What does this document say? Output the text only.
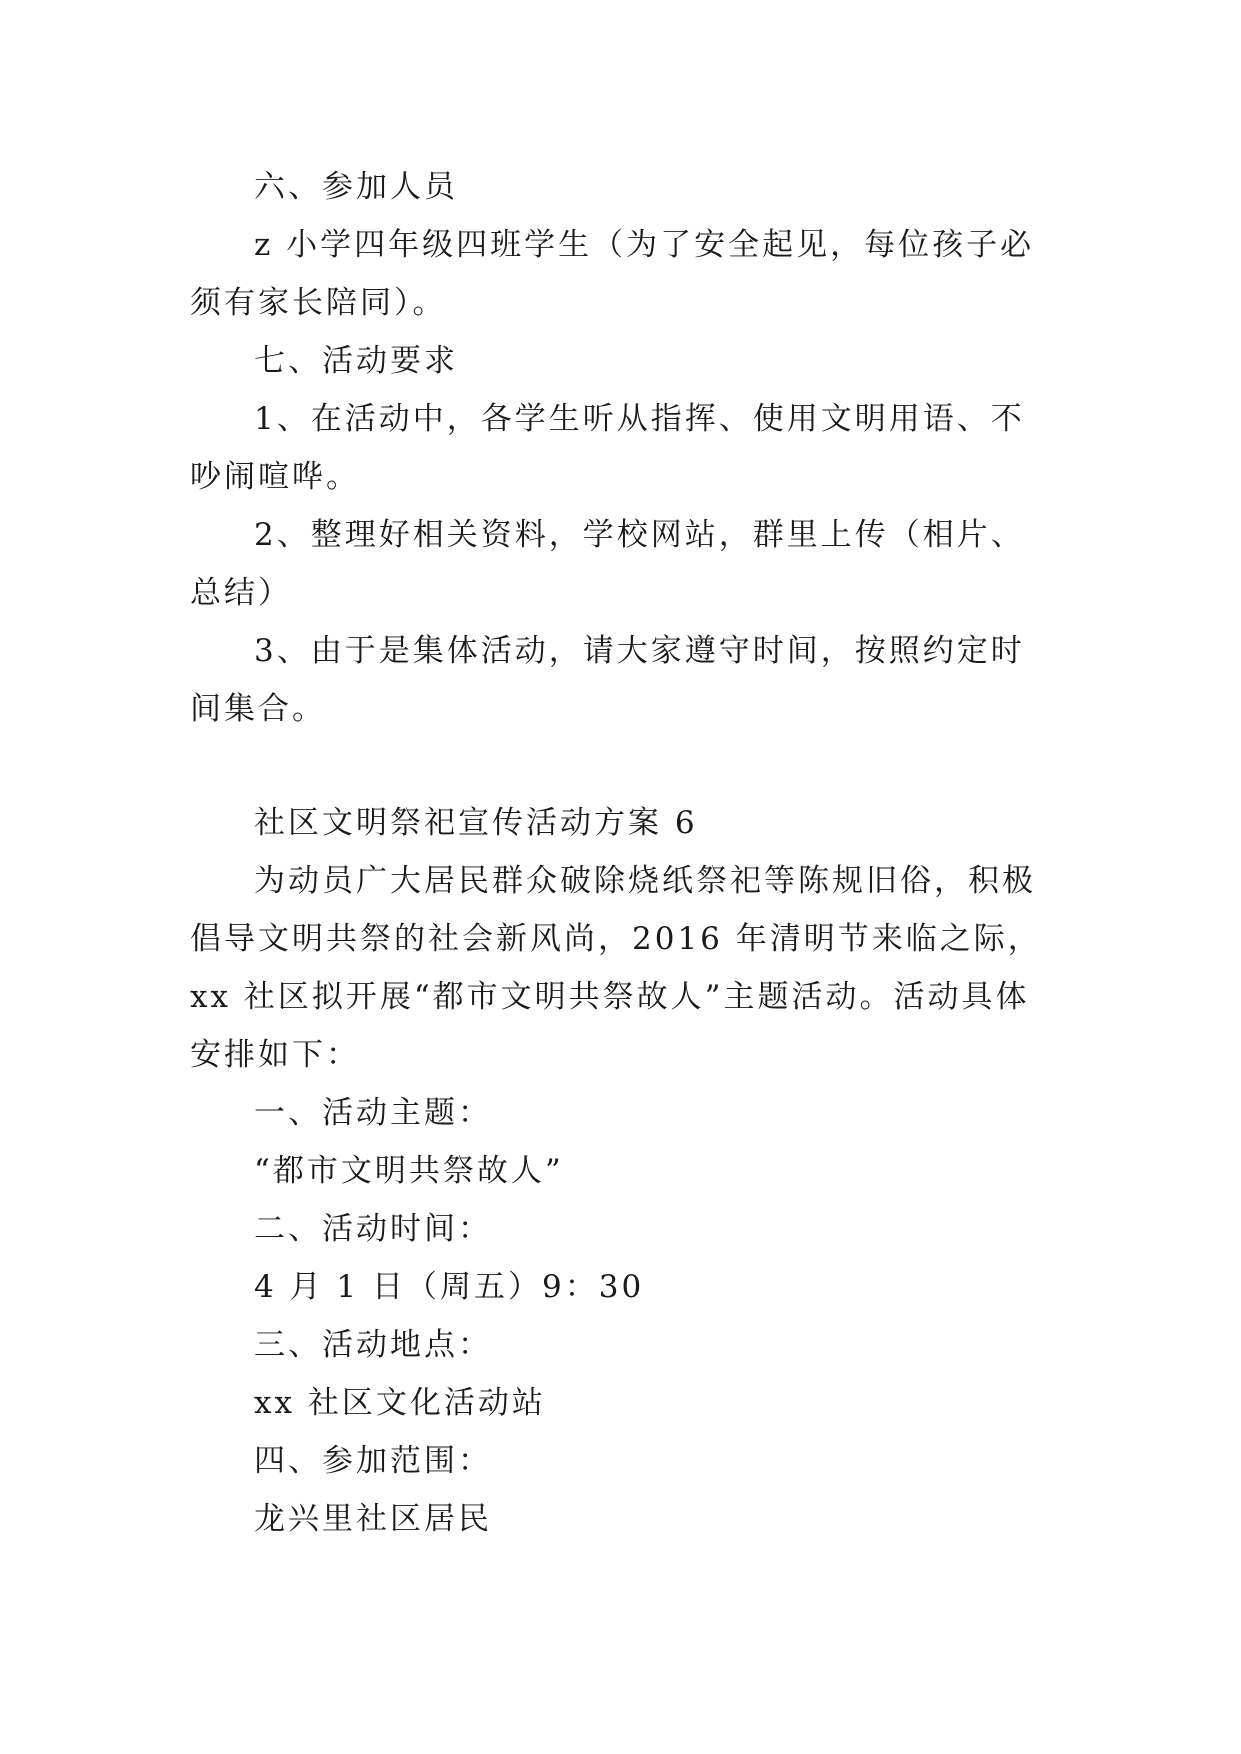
六、参加人员

z 小学四年级四班学生（为了安全起见，每位孩子必须有家长陪同）。

七、活动要求

1、在活动中，各学生听从指挥、使用文明用语、不吵闹喧哗。

2、整理好相关资料，学校网站，群里上传（相片、总结）

3、由于是集体活动，请大家遵守时间，按照约定时间集合。

社区文明祭祀宣传活动方案 6

为动员广大居民群众破除烧纸祭祀等陈规旧俗，积极倡导文明共祭的社会新风尚，2016 年清明节来临之际，xx 社区拟开展“都市文明共祭故人”主题活动。活动具体安排如下：

一、活动主题：

“都市文明共祭故人”

二、活动时间：

4 月 1 日（周五）9：30

三、活动地点：

xx 社区文化活动站

四、参加范围：

龙兴里社区居民
